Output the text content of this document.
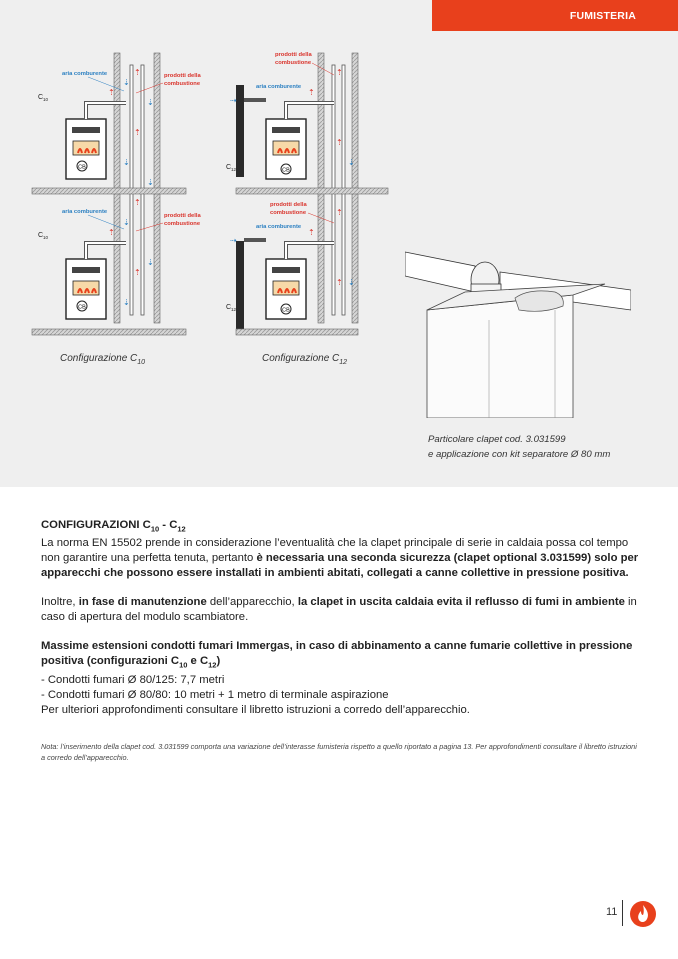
FUMISTERIA
CB
CB
⇣
⇣
⇣
⇣
⇣
⇣
⇣
⇡
⇡
⇡
⇡
⇡
⇡
aria comburente	prodotti della
combustione
C 10
aria comburente
prodotti della
combustione
C 10
CB
CB
⇢
⇢
⇣
⇣
⇡
⇡
⇡
⇡
⇡
⇡
aria comburente
prodotti della
combustione
C 12
aria comburente
prodotti della
combustione
C 12
Configurazione $C_{10}$	Configurazione $C_{12}$
Particolare clapet cod. 3.031599
e applicazione con kit separatore Ø 80 mm

CONFIGURAZIONI $C_{10} - C_{12}$

La norma EN 15502 prende in considerazione l’eventualità che la clapet principale di serie in caldaia possa col tempo non garantire una perfetta tenuta, pertanto è necessaria una seconda sicurezza (clapet optional 3.031599) solo per apparecchi che possono essere installati in ambienti abitati, collegati a canne collettive in pressione positiva.

Inoltre, in fase di manutenzione dell’apparecchio, la clapet in uscita caldaia evita il reflusso di fumi in ambiente in caso di apertura del modulo scambiatore.

Massime estensioni condotti fumari Immergas, in caso di abbinamento a canne fumarie collettive in pressione positiva (configurazioni $C_{10}$ e $C_{12}$)

- Condotti fumari Ø 80/125: 7,7 metri

- Condotti fumari Ø 80/80: 10 metri + 1 metro di terminale aspirazione

Per ulteriori approfondimenti consultare il libretto istruzioni a corredo dell’apparecchio.

Nota: l’inserimento della clapet cod. 3.031599 comporta una variazione dell’interasse fumisteria rispetto a quello riportato a pagina 13. Per approfondimenti consultare il libretto istruzioni a corredo dell’apparecchio.
11
